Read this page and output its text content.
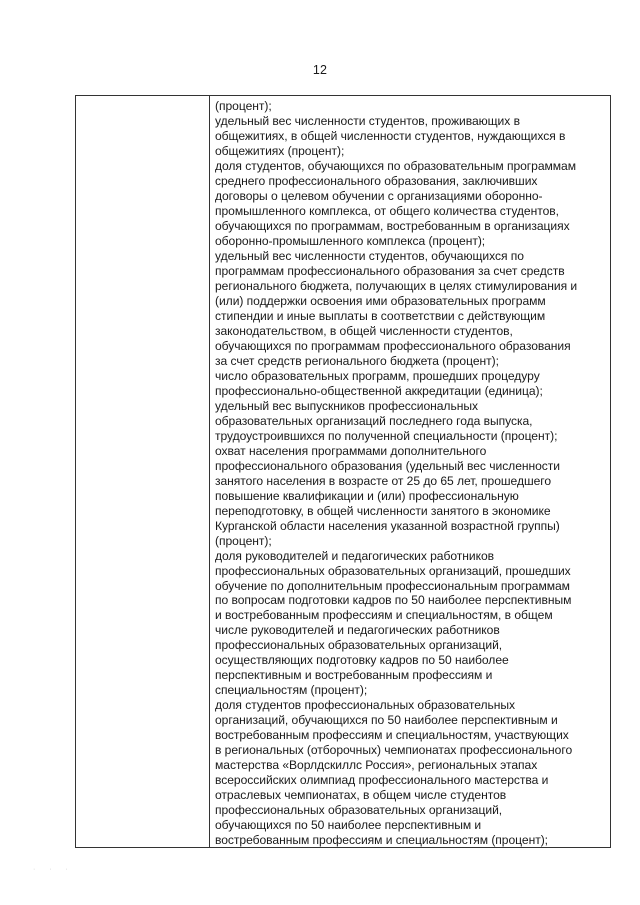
12
(процент);
удельный вес численности студентов, проживающих в
общежитиях, в общей численности студентов, нуждающихся в
общежитиях (процент);
доля студентов, обучающихся по образовательным программам
среднего профессионального образования, заключивших
договоры о целевом обучении с организациями оборонно-
промышленного комплекса, от общего количества студентов,
обучающихся по программам, востребованным в организациях
оборонно-промышленного комплекса (процент);
удельный вес численности студентов, обучающихся по
программам профессионального образования за счет средств
регионального бюджета, получающих в целях стимулирования и
(или) поддержки освоения ими образовательных программ
стипендии и иные выплаты в соответствии с действующим
законодательством, в общей численности студентов,
обучающихся по программам профессионального образования
за счет средств регионального бюджета (процент);
число образовательных программ, прошедших процедуру
профессионально-общественной аккредитации (единица);
удельный вес выпускников профессиональных
образовательных организаций последнего года выпуска,
трудоустроившихся по полученной специальности (процент);
охват населения программами дополнительного
профессионального образования (удельный вес численности
занятого населения в возрасте от 25 до 65 лет, прошедшего
повышение квалификации и (или) профессиональную
переподготовку, в общей численности занятого в экономике
Курганской области населения указанной возрастной группы)
(процент);
доля руководителей и педагогических работников
профессиональных образовательных организаций, прошедших
обучение по дополнительным профессиональным программам
по вопросам подготовки кадров по 50 наиболее перспективным
и востребованным профессиям и специальностям, в общем
числе руководителей и педагогических работников
профессиональных образовательных организаций,
осуществляющих подготовку кадров по 50 наиболее
перспективным и востребованным профессиям и
специальностям (процент);
доля студентов профессиональных образовательных
организаций, обучающихся по 50 наиболее перспективным и
востребованным профессиям и специальностям, участвующих
в региональных (отборочных) чемпионатах профессионального
мастерства «Ворлдскиллс Россия», региональных этапах
всероссийских олимпиад профессионального мастерства и
отраслевых чемпионатах, в общем числе студентов
профессиональных образовательных организаций,
обучающихся по 50 наиболее перспективным и
востребованным профессиям и специальностям (процент);
· · ·
